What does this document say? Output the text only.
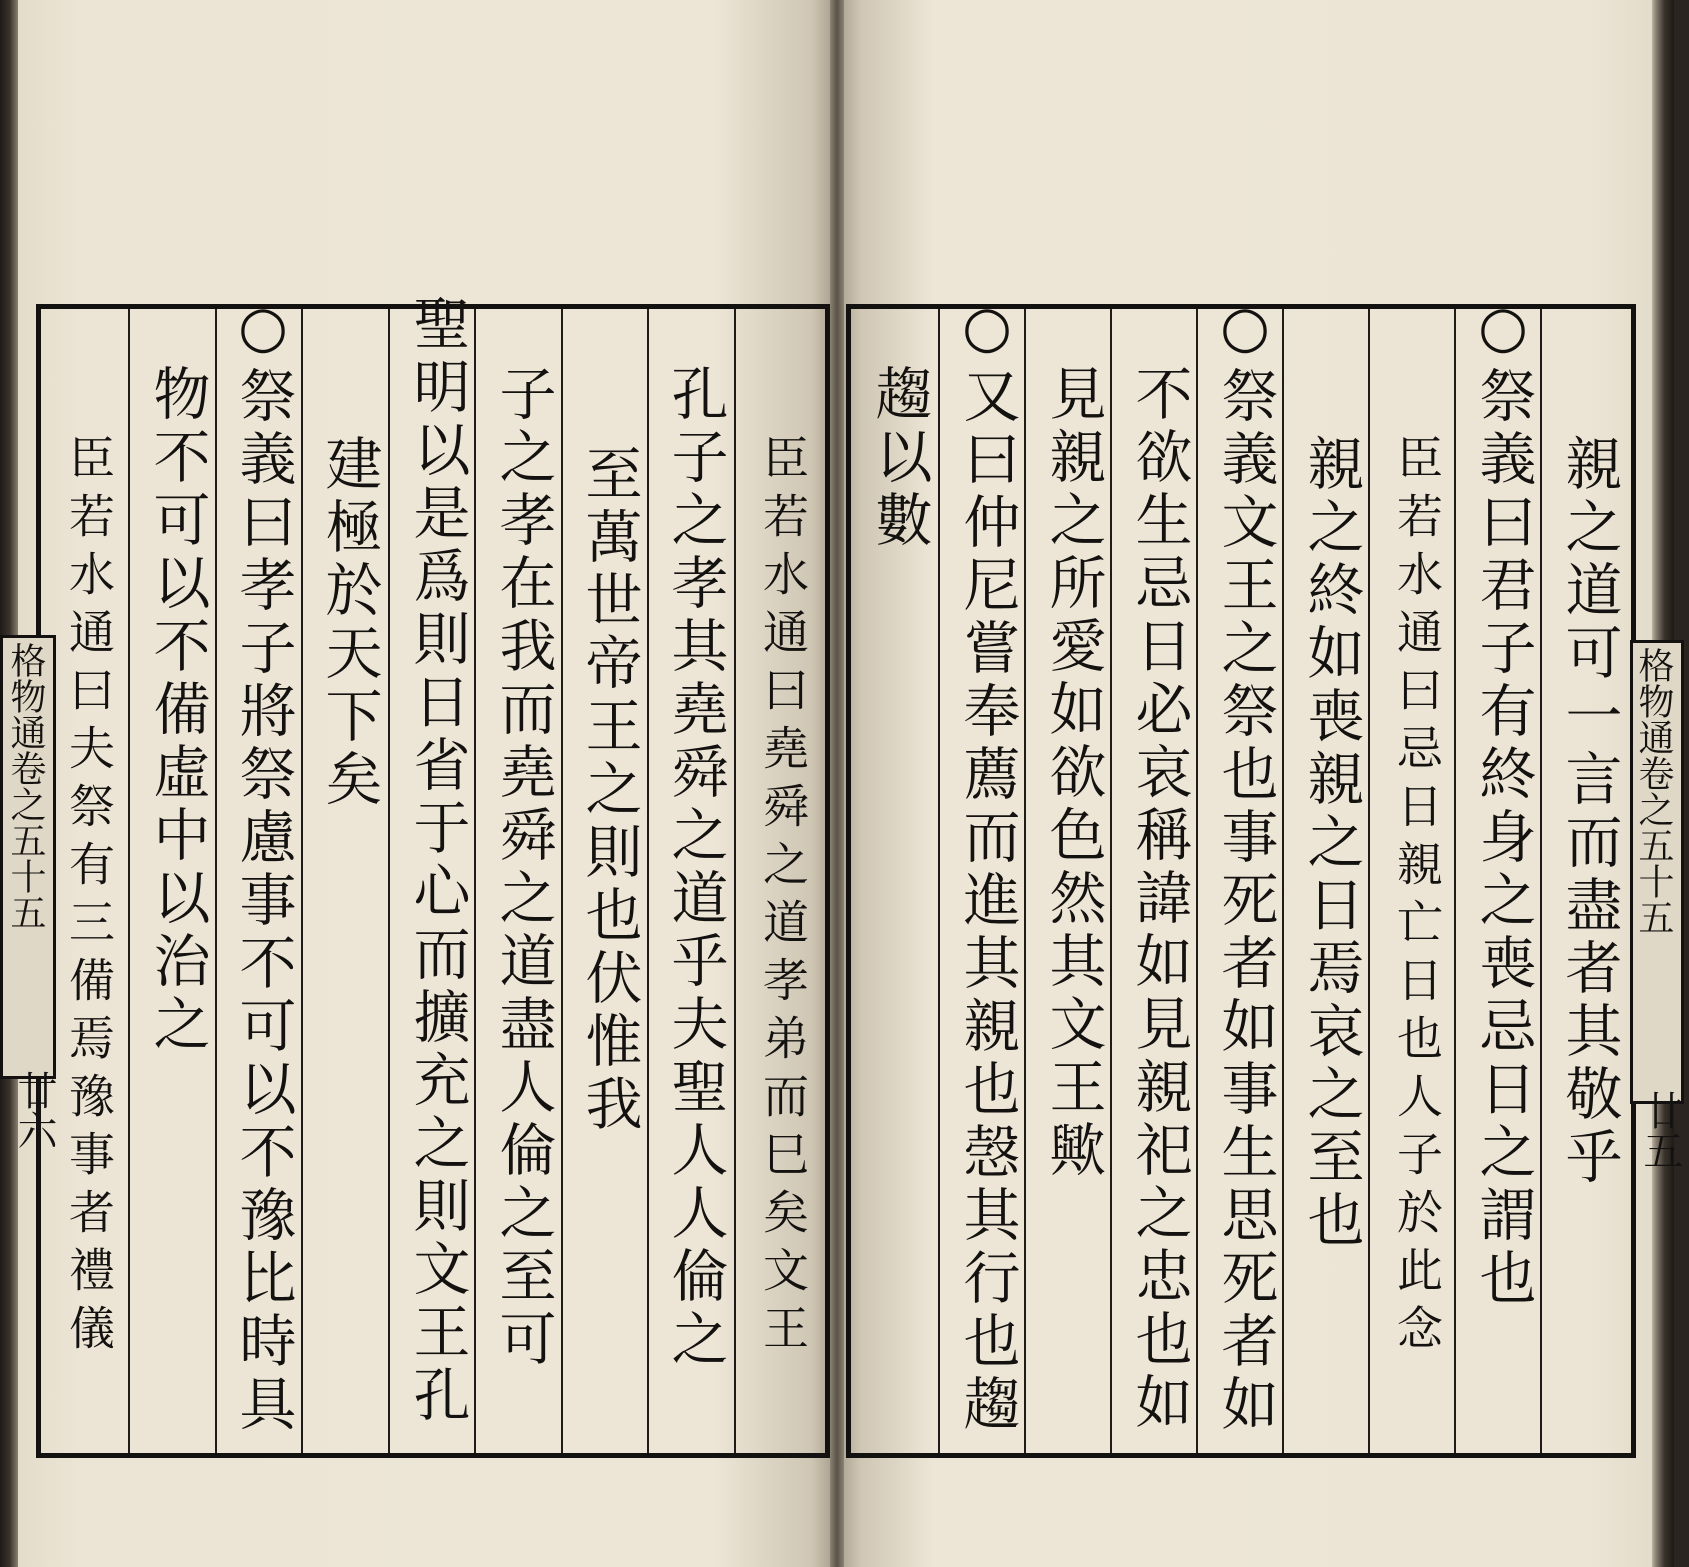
臣若水通曰堯舜之道孝弟而巳矣文王
孔子之孝其堯舜之道乎夫聖人人倫之
至萬世帝王之則也伏惟我
子之孝在我而堯舜之道盡人倫之至可
聖明以是爲則日省于心而擴充之則文王孔
建極於天下矣
○祭義曰孝子將祭慮事不可以不豫比時具
物不可以不備虛中以治之
臣若水通曰夫祭有三備焉豫事者禮儀	親之道可一言而盡者其敬乎
○祭義曰君子有終身之喪忌日之謂也
臣若水通曰忌日親亡日也人子於此念
親之終如喪親之日焉哀之至也
○祭義文王之祭也事死者如事生思死者如
不欲生忌日必哀稱諱如見親祀之忠也如
見親之所愛如欲色然其文王歟
○又曰仲尼嘗奉薦而進其親也愨其行也趨
趨以數
格物通卷之五十五
廿六
格物通卷之五十五
廿五
